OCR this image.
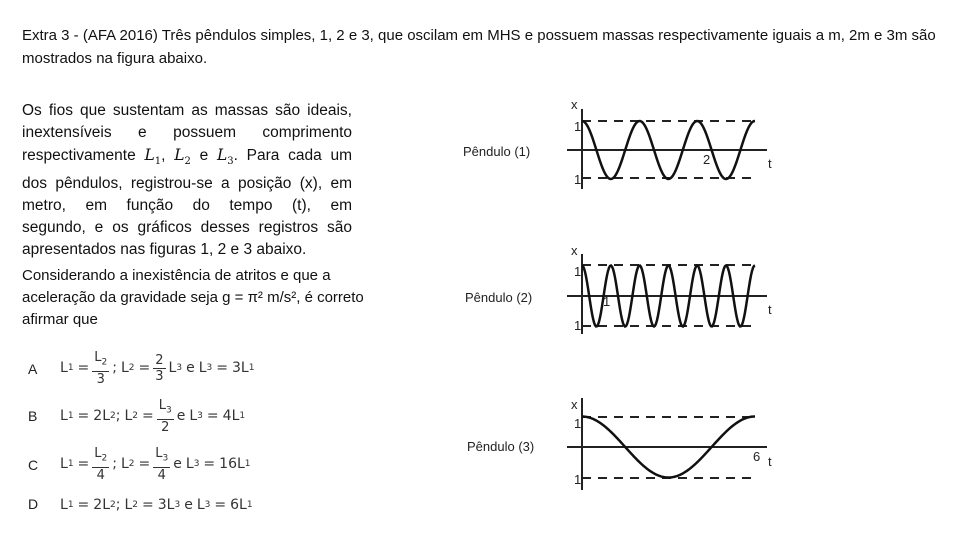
Extra 3 - (AFA 2016) Três pêndulos simples, 1, 2 e 3, que oscilam em MHS e possuem massas respectivamente iguais a m, 2m e 3m são mostrados na figura abaixo.
Os fios que sustentam as massas são ideais,
inextensíveis e possuem comprimento
respectivamente $L_1$, $L_2$ e $L_3$. Para cada um
dos pêndulos, registrou-se a posição (x), em
metro, em função do tempo (t), em
segundo, e os gráficos desses registros são
apresentados nas figuras 1, 2 e 3 abaixo.
Considerando a inexistência de atritos e que a aceleração da gravidade seja g = π² m/s², é correto afirmar que
A L $1 = \frac{L_2}{3}$ ; L $2 = \frac{2}{3}$ L 3 e L 3 = 3 L 1
B L 1 = 2 L 2 ; L $2 = \frac{L_3}{2}$ e L 3 = 4 L 1
C L $1 = \frac{L_2}{4}$ ; L $2 = \frac{L_3}{4}$ e L 3 = 16 L 1
D L 1 = 2 L 2 ; L 2 = 3 L 3 e L 3 = 6 L 1
x
1
1
Pêndulo (1)
2	t
x
1
1
Pêndulo (2)	1
t
x
1
1
Pêndulo (3)
6 t
